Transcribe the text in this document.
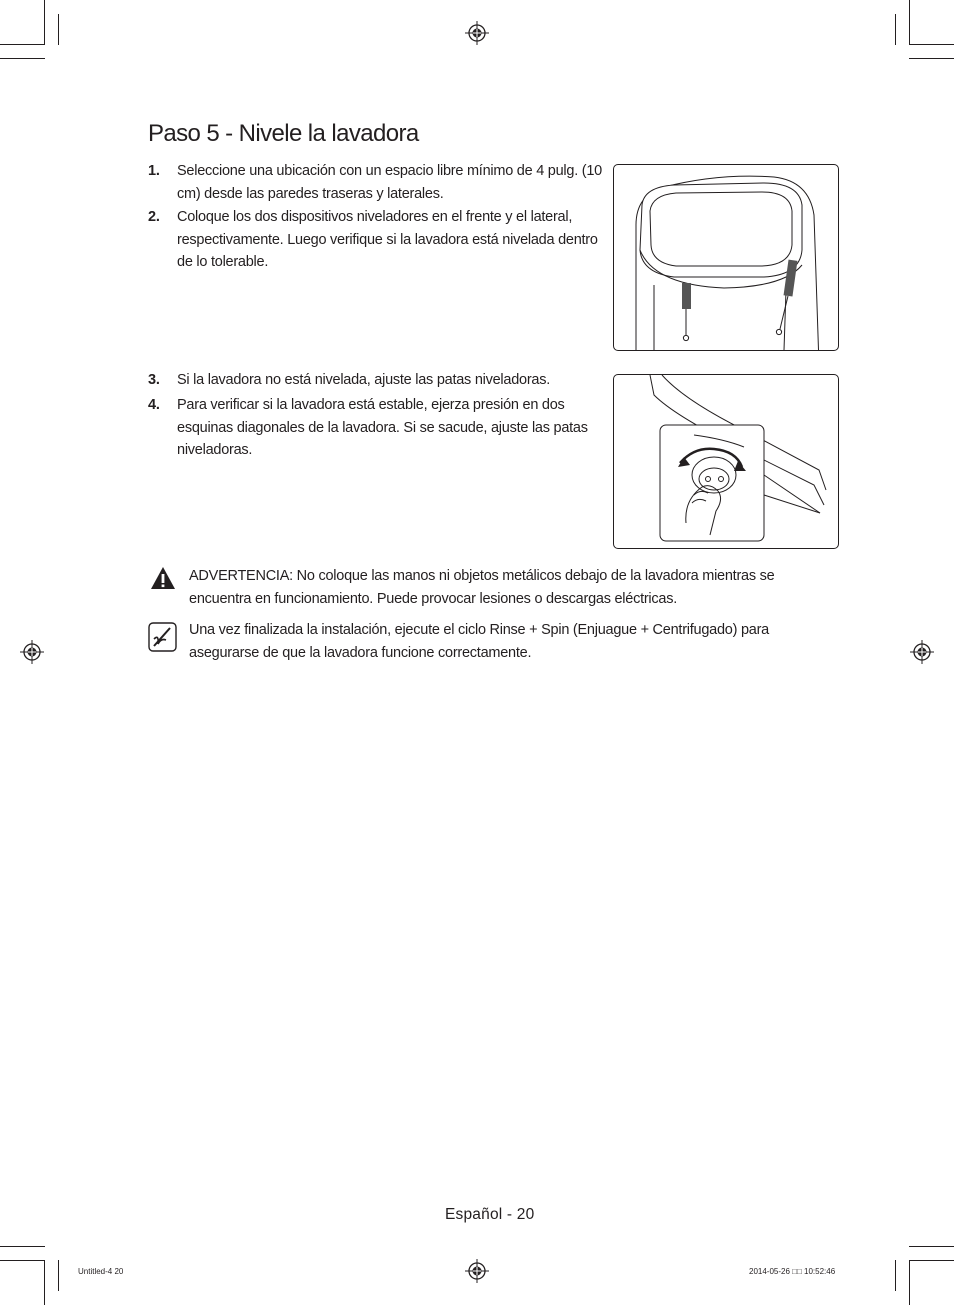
Paso 5 - Nivele la lavadora
1. Seleccione una ubicación con un espacio libre mínimo de 4 pulg. (10 cm) desde las paredes traseras y laterales.
2. Coloque los dos dispositivos niveladores en el frente y el lateral, respectivamente. Luego verifique si la lavadora está nivelada dentro de lo tolerable.
3. Si la lavadora no está nivelada, ajuste las patas niveladoras.
4. Para verificar si la lavadora está estable, ejerza presión en dos esquinas diagonales de la lavadora. Si se sacude, ajuste las patas niveladoras.
ADVERTENCIA: No coloque las manos ni objetos metálicos debajo de la lavadora mientras se encuentra en funcionamiento. Puede provocar lesiones o descargas eléctricas.
Una vez finalizada la instalación, ejecute el ciclo Rinse + Spin (Enjuague + Centrifugado) para asegurarse de que la lavadora funcione correctamente.
Español - 20
Untitled-4 20	2014-05-26 □□ 10:52:46
